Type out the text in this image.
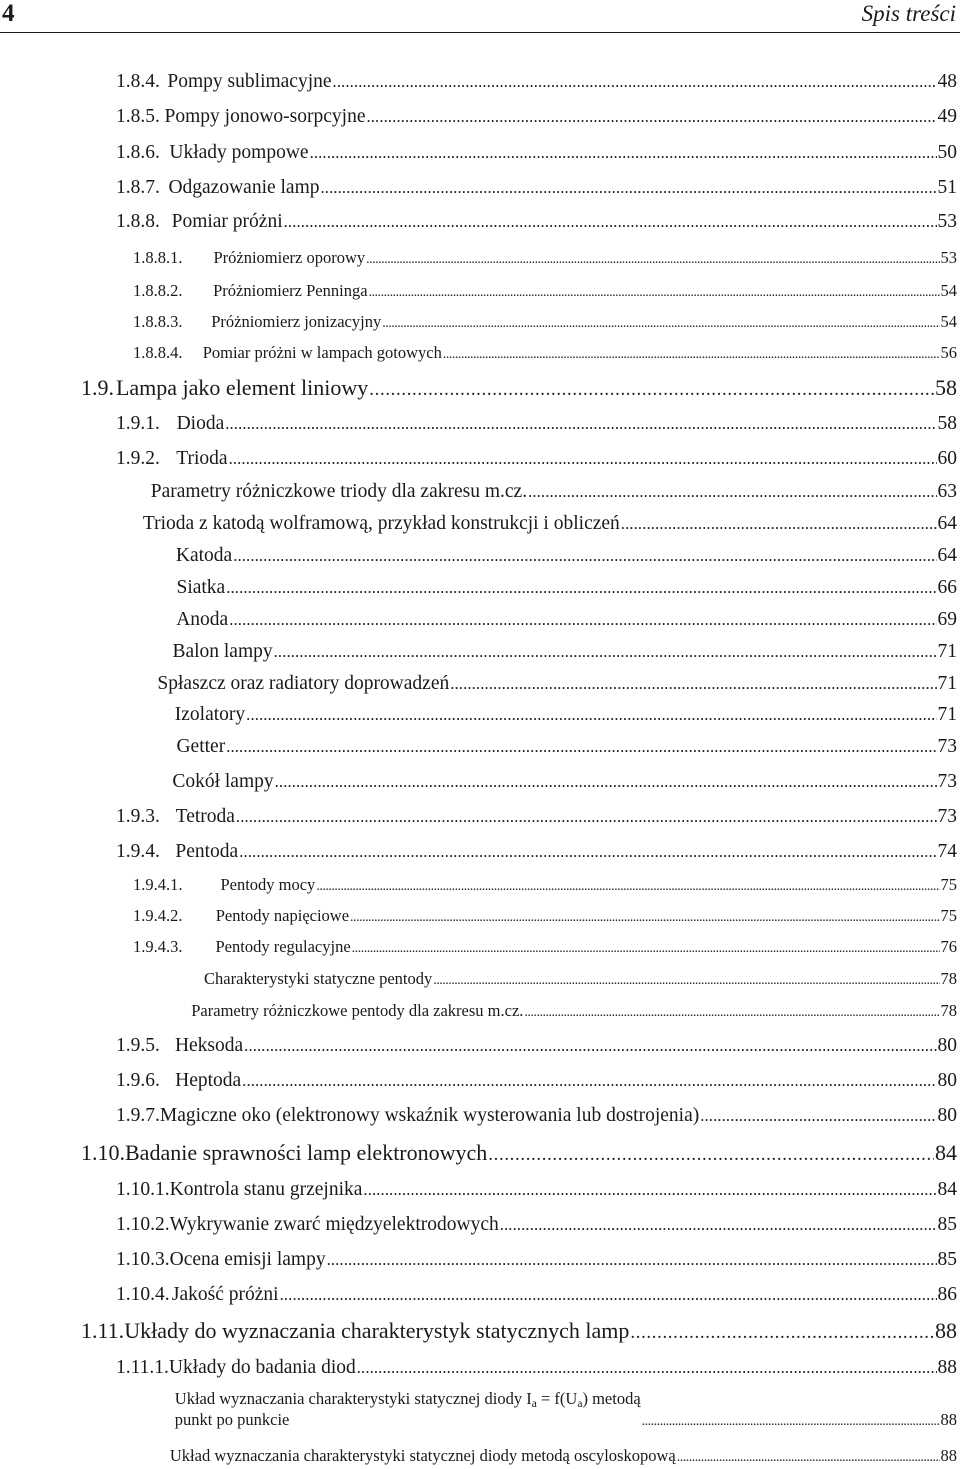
4	Spis treści
1.8.4. Pompy sublimacyjne . . .	48
1.8.5. Pompy jonowo-sorpcyjne . . .	49
1.8.6. Układy pompowe . . .	50
1.8.7. Odgazowanie lamp . . .	51
1.8.8. Pomiar próżni . . .	53
1.8.8.1.	Próżniomierz oporowy . . .	53
1.8.8.2.	Próżniomierz Penninga . . .	54
1.8.8.3.	Próżniomierz jonizacyjny . . .	54
1.8.8.4.	Pomiar próżni w lampach gotowych . . .	56
1.9. Lampa jako element liniowy . . .	58
1.9.1. Dioda . . .	58
1.9.2. Trioda . . .	60
Parametry różniczkowe triody dla zakresu m.cz. . . .	63
Trioda z katodą wolframową, przykład konstrukcji i obliczeń . . .	64
Katoda . . .	64
Siatka . . .	66
Anoda . . .	69
Balon lampy . . .	71
Spłaszcz oraz radiatory doprowadzeń . . .	71
Izolatory . . .	71
Getter . . .	73
Cokół lampy . . .	73
1.9.3. Tetroda . . .	73
1.9.4. Pentoda . . .	74
1.9.4.1.	Pentody mocy . . .	75
1.9.4.2.	Pentody napięciowe . . .	75
1.9.4.3.	Pentody regulacyjne . . .	76
Charakterystyki statyczne pentody . . .	78
Parametry różniczkowe pentody dla zakresu m.cz. . . .	78
1.9.5. Heksoda . . .	80
1.9.6. Heptoda . . .	80
1.9.7. Magiczne oko (elektronowy wskaźnik wysterowania lub dostrojenia) . . .	80
1.10. Badanie sprawności lamp elektronowych . . .	84
1.10.1. Kontrola stanu grzejnika . . .	84
1.10.2. Wykrywanie zwarć międzyelektrodowych . . .	85
1.10.3. Ocena emisji lampy . . .	85
1.10.4. Jakość próżni . . .	86
1.11. Układy do wyznaczania charakterystyk statycznych lamp . . .	88
1.11.1. Układy do badania diod . . .	88
Układ wyznaczania charakterystyki statycznej diody $I_a = f(U_a)$ metodą
punkt po punkcie . . .	88
Układ wyznaczania charakterystyki statycznej diody metodą oscyloskopową . . .	88
